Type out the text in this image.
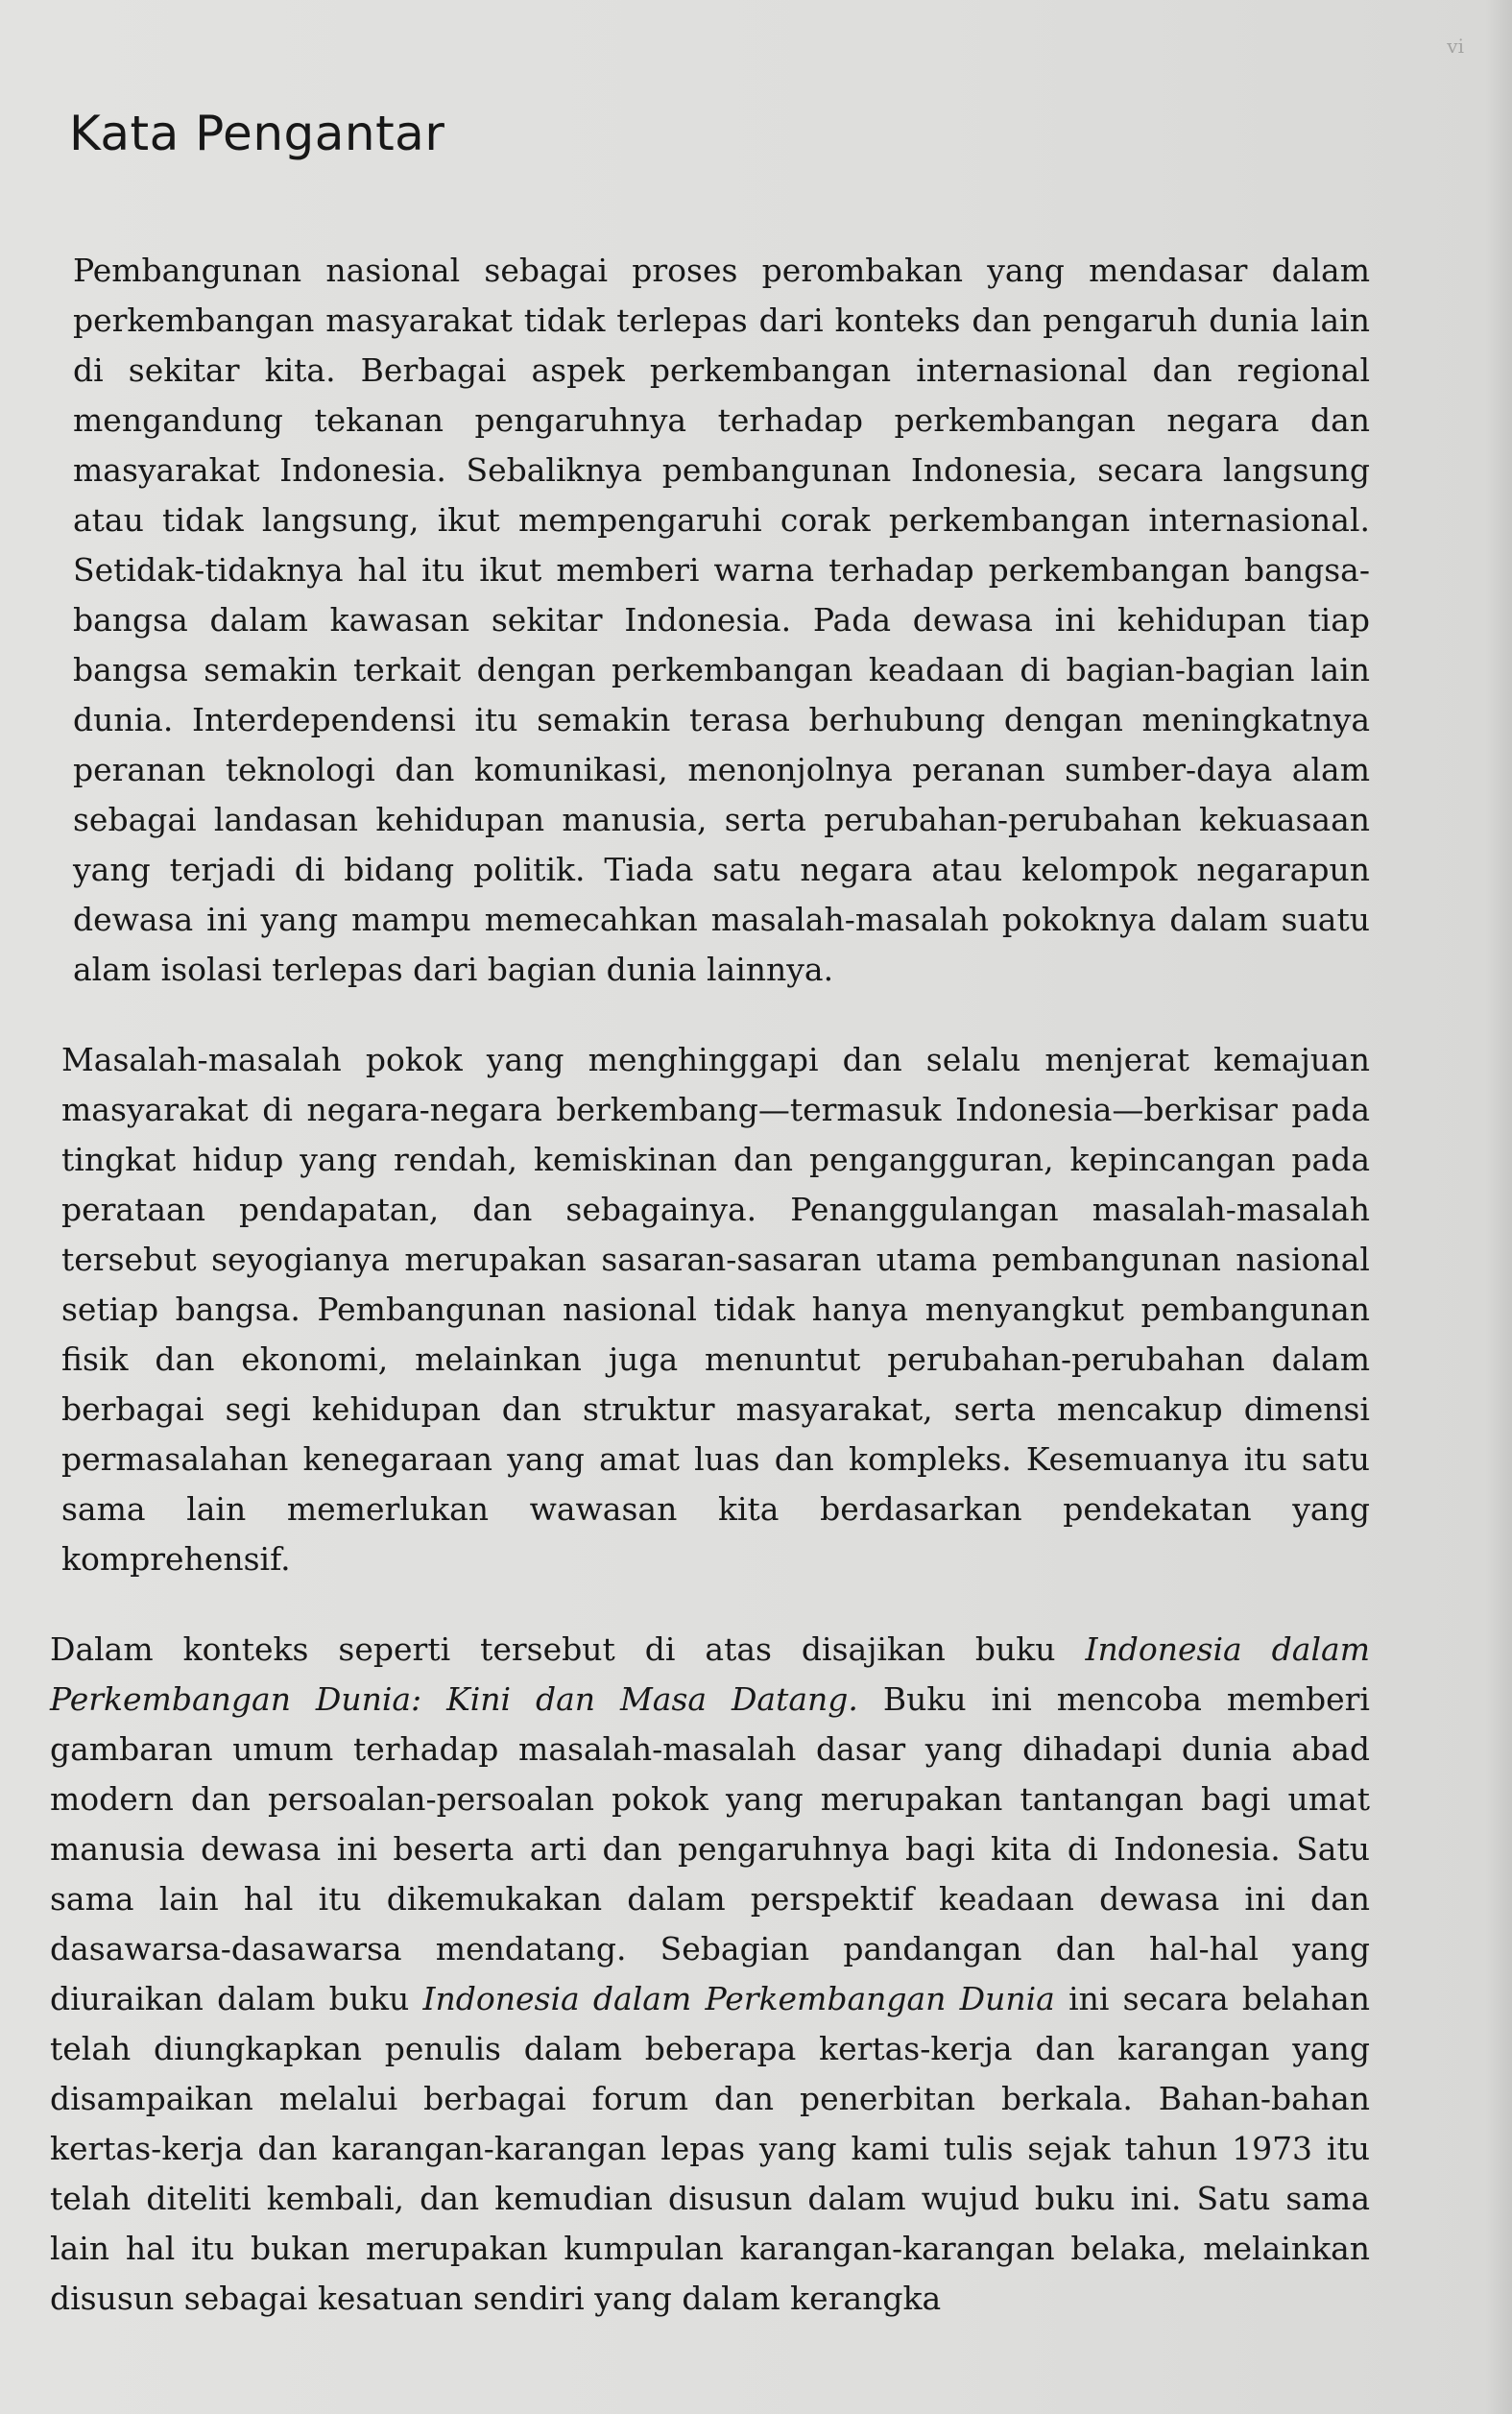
vi
Kata Pengantar

Pembangunan nasional sebagai proses perombakan yang mendasar dalam perkembangan masyarakat tidak terlepas dari konteks dan pengaruh dunia lain di sekitar kita. Berbagai aspek perkembangan internasional dan regional mengandung tekanan pengaruhnya terhadap perkembangan negara dan masyarakat Indonesia. Sebaliknya pembangunan Indonesia, secara langsung atau tidak langsung, ikut mempengaruhi corak perkembangan internasional. Setidak-tidaknya hal itu ikut memberi warna terhadap perkembangan bangsa-bangsa dalam kawasan sekitar Indonesia. Pada dewasa ini kehidupan tiap bangsa semakin terkait dengan perkembangan keadaan di bagian-bagian lain dunia. Interdependensi itu semakin terasa berhubung dengan meningkatnya peranan teknologi dan komunikasi, menonjolnya peranan sumber-daya alam sebagai landasan kehidupan manusia, serta perubahan-perubahan kekuasaan yang terjadi di bidang politik. Tiada satu negara atau kelompok negarapun dewasa ini yang mampu memecahkan masalah-masalah pokoknya dalam suatu alam isolasi terlepas dari bagian dunia lainnya.

Masalah-masalah pokok yang menghinggapi dan selalu menjerat kemajuan masyarakat di negara-negara berkembang—termasuk Indonesia—berkisar pada tingkat hidup yang rendah, kemiskinan dan pengangguran, kepincangan pada perataan pendapatan, dan sebagainya. Penanggulangan masalah-masalah tersebut seyogianya merupakan sasaran-sasaran utama pembangunan nasional setiap bangsa. Pembangunan nasional tidak hanya menyangkut pembangunan fisik dan ekonomi, melainkan juga menuntut perubahan-perubahan dalam berbagai segi kehidupan dan struktur masyarakat, serta mencakup dimensi permasalahan kenegaraan yang amat luas dan kompleks. Kesemuanya itu satu sama lain memerlukan wawasan kita berdasarkan pendekatan yang komprehensif.

Dalam konteks seperti tersebut di atas disajikan buku Indonesia dalam Perkembangan Dunia: Kini dan Masa Datang. Buku ini mencoba memberi gambaran umum terhadap masalah-masalah dasar yang dihadapi dunia abad modern dan persoalan-persoalan pokok yang merupakan tantangan bagi umat manusia dewasa ini beserta arti dan pengaruhnya bagi kita di Indonesia. Satu sama lain hal itu dikemukakan dalam perspektif keadaan dewasa ini dan dasawarsa-dasawarsa mendatang. Sebagian pandangan dan hal-hal yang diuraikan dalam buku Indonesia dalam Perkembangan Dunia ini secara belahan telah diungkapkan penulis dalam beberapa kertas-kerja dan karangan yang disampaikan melalui berbagai forum dan penerbitan berkala. Bahan-bahan kertas-kerja dan karangan-karangan lepas yang kami tulis sejak tahun 1973 itu telah diteliti kembali, dan kemudian disusun dalam wujud buku ini. Satu sama lain hal itu bukan merupakan kumpulan karangan-karangan belaka, melainkan disusun sebagai kesatuan sendiri yang dalam kerangka
